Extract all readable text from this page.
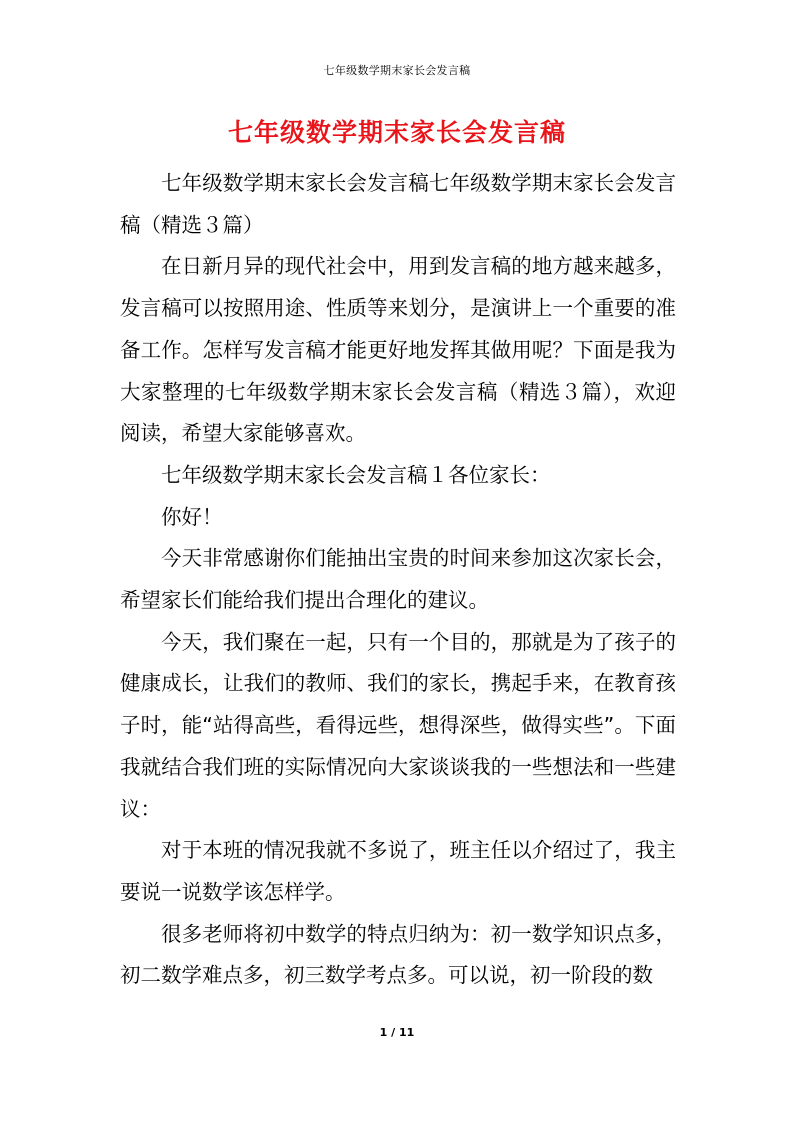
七年级数学期末家长会发言稿
七年级数学期末家长会发言稿

七年级数学期末家长会发言稿七年级数学期末家长会发言稿（精选３篇）

在日新月异的现代社会中，用到发言稿的地方越来越多，发言稿可以按照用途、性质等来划分，是演讲上一个重要的准备工作。怎样写发言稿才能更好地发挥其做用呢？下面是我为大家整理的七年级数学期末家长会发言稿（精选３篇），欢迎阅读，希望大家能够喜欢。

七年级数学期末家长会发言稿１各位家长：

你好！

今天非常感谢你们能抽出宝贵的时间来参加这次家长会，希望家长们能给我们提出合理化的建议。

今天，我们聚在一起，只有一个目的，那就是为了孩子的健康成长，让我们的教师、我们的家长，携起手来，在教育孩子时，能“站得高些，看得远些，想得深些，做得实些”。下面我就结合我们班的实际情况向大家谈谈我的一些想法和一些建议：

对于本班的情况我就不多说了，班主任以介绍过了，我主要说一说数学该怎样学。

很多老师将初中数学的特点归纳为：初一数学知识点多，初二数学难点多，初三数学考点多。可以说，初一阶段的数

1 / 11
